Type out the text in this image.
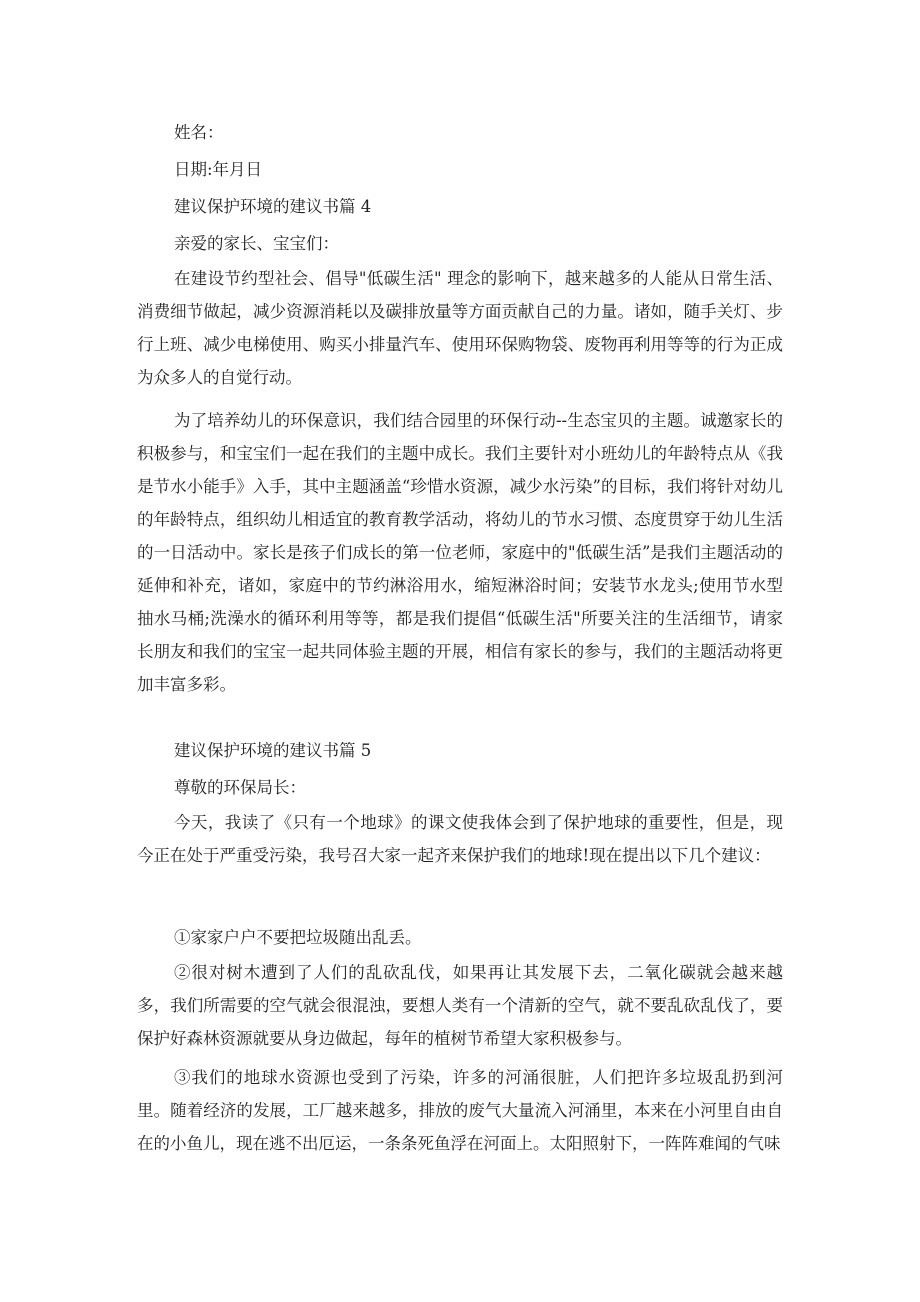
姓名：

日期:年月日

建议保护环境的建议书篇 4

亲爱的家长、宝宝们：

在建设节约型社会、倡导"低碳生活" 理念的影响下，越来越多的人能从日常生活、消费细节做起，减少资源消耗以及碳排放量等方面贡献自己的力量。诸如，随手关灯、步行上班、减少电梯使用、购买小排量汽车、使用环保购物袋、废物再利用等等的行为正成为众多人的自觉行动。

为了培养幼儿的环保意识，我们结合园里的环保行动--生态宝贝的主题。诚邀家长的积极参与，和宝宝们一起在我们的主题中成长。我们主要针对小班幼儿的年龄特点从《我是节水小能手》入手，其中主题涵盖“珍惜水资源，减少水污染”的目标，我们将针对幼儿的年龄特点，组织幼儿相适宜的教育教学活动，将幼儿的节水习惯、态度贯穿于幼儿生活的一日活动中。家长是孩子们成长的第一位老师，家庭中的"低碳生活”是我们主题活动的延伸和补充，诸如，家庭中的节约淋浴用水，缩短淋浴时间；安装节水龙头;使用节水型抽水马桶;洗澡水的循环利用等等，都是我们提倡“低碳生活"所要关注的生活细节，请家长朋友和我们的宝宝一起共同体验主题的开展，相信有家长的参与，我们的主题活动将更加丰富多彩。

建议保护环境的建议书篇 5

尊敬的环保局长：

今天，我读了《只有一个地球》的课文使我体会到了保护地球的重要性，但是，现今正在处于严重受污染，我号召大家一起齐来保护我们的地球!现在提出以下几个建议：

①家家户户不要把垃圾随出乱丢。

②很对树木遭到了人们的乱砍乱伐，如果再让其发展下去，二氧化碳就会越来越多，我们所需要的空气就会很混浊，要想人类有一个清新的空气，就不要乱砍乱伐了，要保护好森林资源就要从身边做起，每年的植树节希望大家积极参与。

③我们的地球水资源也受到了污染，许多的河涌很脏，人们把许多垃圾乱扔到河里。随着经济的发展，工厂越来越多，排放的废气大量流入河涌里，本来在小河里自由自在的小鱼儿，现在逃不出厄运，一条条死鱼浮在河面上。太阳照射下，一阵阵难闻的气味
